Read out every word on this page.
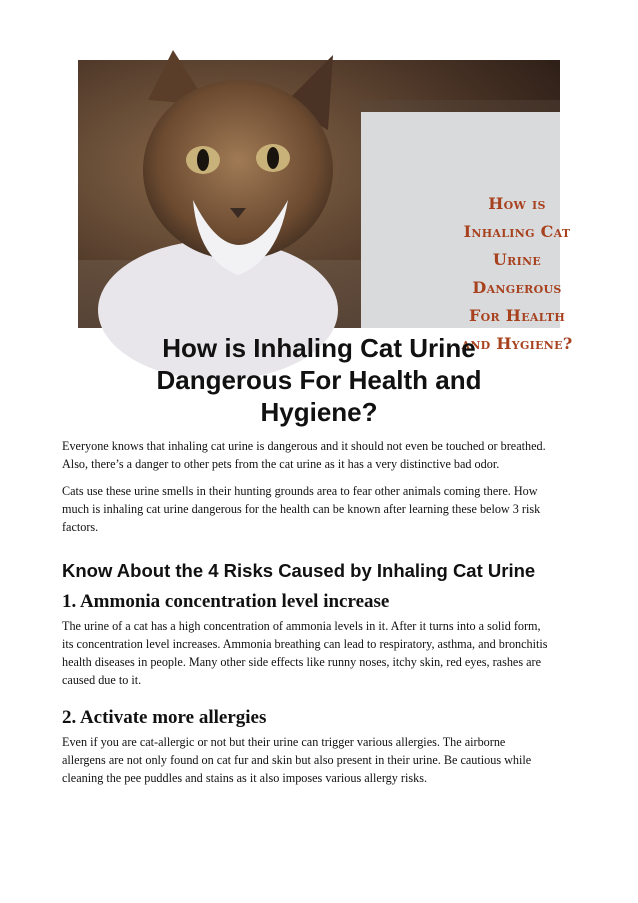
How is
Inhaling Cat
Urine
Dangerous
For Health
and Hygiene?
How is Inhaling Cat Urine
Dangerous For Health and
Hygiene?

Everyone knows that inhaling cat urine is dangerous and it should not even be touched or breathed.
Also, there’s a danger to other pets from the cat urine as it has a very distinctive bad odor.

Cats use these urine smells in their hunting grounds area to fear other animals coming there. How
much is inhaling cat urine dangerous for the health can be known after learning these below 3 risk
factors.

Know About the 4 Risks Caused by Inhaling Cat Urine
1. Ammonia concentration level increase

The urine of a cat has a high concentration of ammonia levels in it. After it turns into a solid form,
its concentration level increases. Ammonia breathing can lead to respiratory, asthma, and bronchitis
health diseases in people. Many other side effects like runny noses, itchy skin, red eyes, rashes are
caused due to it.

2. Activate more allergies

Even if you are cat-allergic or not but their urine can trigger various allergies. The airborne
allergens are not only found on cat fur and skin but also present in their urine. Be cautious while
cleaning the pee puddles and stains as it also imposes various allergy risks.
